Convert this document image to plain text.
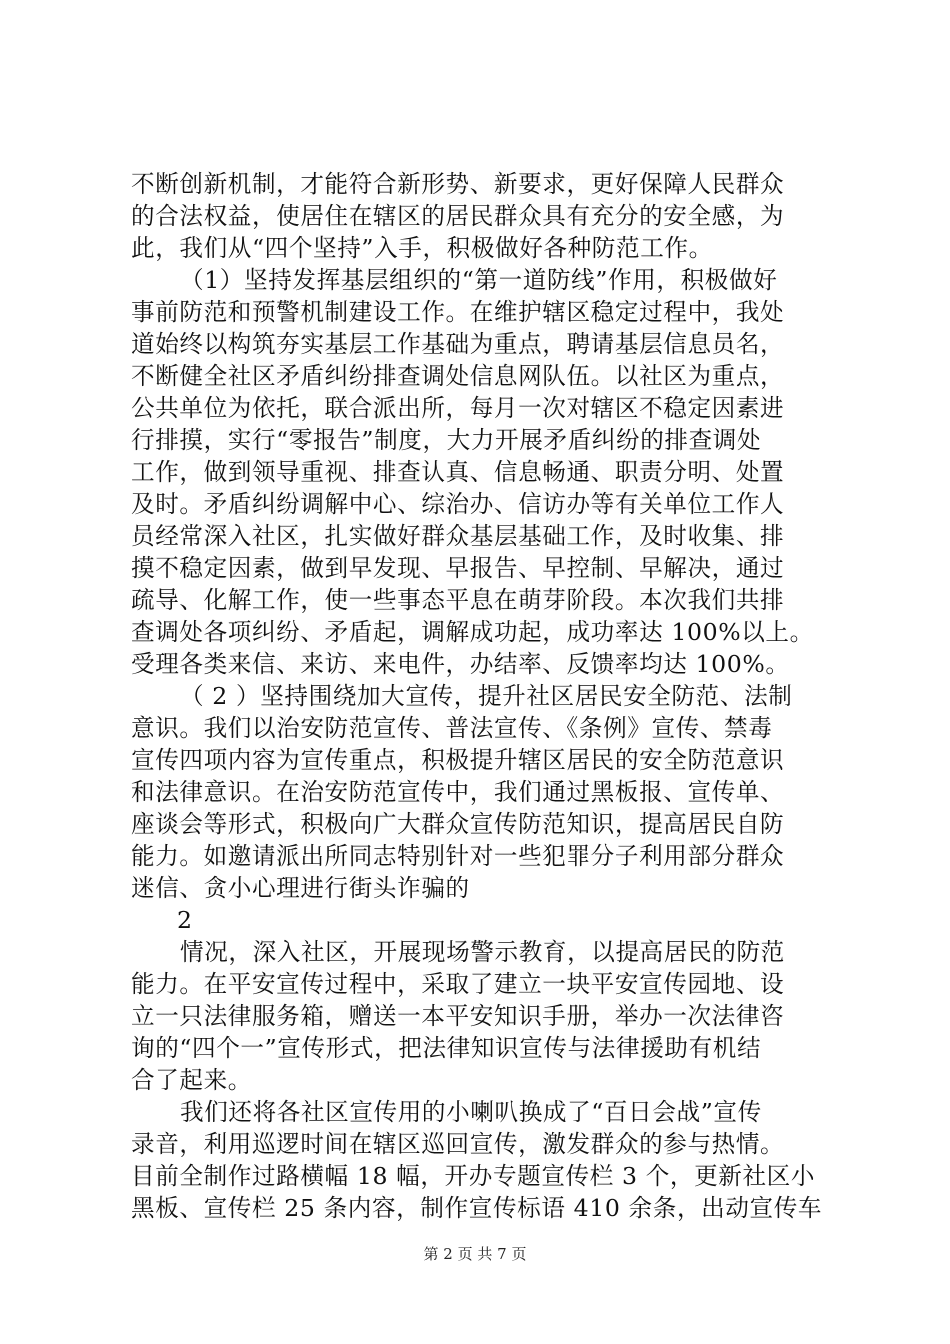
不断创新机制，才能符合新形势、新要求，更好保障人民群众
的合法权益，使居住在辖区的居民群众具有充分的安全感，为
此，我们从“四个坚持”入手，积极做好各种防范工作。
（1）坚持发挥基层组织的“第一道防线”作用，积极做好
事前防范和预警机制建设工作。在维护辖区稳定过程中，我处
道始终以构筑夯实基层工作基础为重点，聘请基层信息员名，
不断健全社区矛盾纠纷排查调处信息网队伍。以社区为重点，
公共单位为依托，联合派出所，每月一次对辖区不稳定因素进
行排摸，实行“零报告”制度，大力开展矛盾纠纷的排查调处
工作，做到领导重视、排查认真、信息畅通、职责分明、处置
及时。矛盾纠纷调解中心、综治办、信访办等有关单位工作人
员经常深入社区，扎实做好群众基层基础工作，及时收集、排
摸不稳定因素，做到早发现、早报告、早控制、早解决，通过
疏导、化解工作，使一些事态平息在萌芽阶段。本次我们共排
查调处各项纠纷、矛盾起，调解成功起，成功率达 100%以上。
受理各类来信、来访、来电件，办结率、反馈率均达 100%。
（ 2 ）坚持围绕加大宣传，提升社区居民安全防范、法制
意识。我们以治安防范宣传、普法宣传、《条例》宣传、禁毒
宣传四项内容为宣传重点，积极提升辖区居民的安全防范意识
和法律意识。在治安防范宣传中，我们通过黑板报、宣传单、
座谈会等形式，积极向广大群众宣传防范知识，提高居民自防
能力。如邀请派出所同志特别针对一些犯罪分子利用部分群众
迷信、贪小心理进行街头诈骗的
2
情况，深入社区，开展现场警示教育，以提高居民的防范
能力。在平安宣传过程中，采取了建立一块平安宣传园地、设
立一只法律服务箱，赠送一本平安知识手册，举办一次法律咨
询的“四个一”宣传形式，把法律知识宣传与法律援助有机结
合了起来。
我们还将各社区宣传用的小喇叭换成了“百日会战”宣传
录音，利用巡逻时间在辖区巡回宣传，激发群众的参与热情。
目前全制作过路横幅 18 幅，开办专题宣传栏 3 个，更新社区小
黑板、宣传栏 25 条内容，制作宣传标语 410 余条，出动宣传车
第 2 页 共 7 页
